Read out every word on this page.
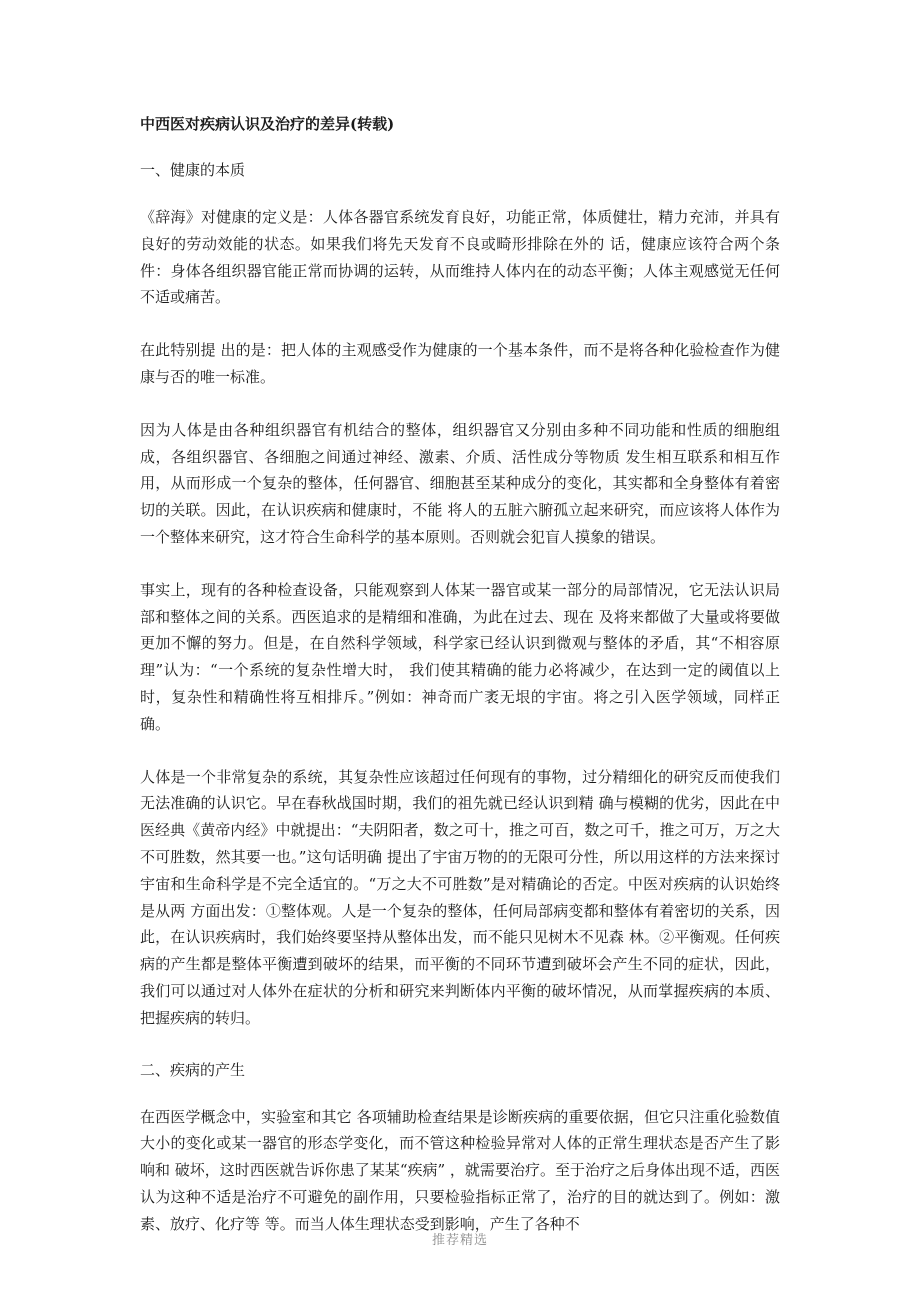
中西医对疾病认识及治疗的差异(转载)
一、健康的本质

《辞海》对健康的定义是：人体各器官系统发育良好，功能正常，体质健壮，精力充沛，并具有良好的劳动效能的状态。如果我们将先天发育不良或畸形排除在外的 话，健康应该符合两个条件：身体各组织器官能正常而协调的运转，从而维持人体内在的动态平衡；人体主观感觉无任何不适或痛苦。

在此特别提 出的是：把人体的主观感受作为健康的一个基本条件，而不是将各种化验检查作为健康与否的唯一标准。

因为人体是由各种组织器官有机结合的整体，组织器官又分别由多种不同功能和性质的细胞组成，各组织器官、各细胞之间通过神经、激素、介质、活性成分等物质 发生相互联系和相互作用，从而形成一个复杂的整体，任何器官、细胞甚至某种成分的变化，其实都和全身整体有着密切的关联。因此，在认识疾病和健康时，不能 将人的五脏六腑孤立起来研究，而应该将人体作为一个整体来研究，这才符合生命科学的基本原则。否则就会犯盲人摸象的错误。

事实上，现有的各种检查设备，只能观察到人体某一器官或某一部分的局部情况，它无法认识局部和整体之间的关系。西医追求的是精细和准确，为此在过去、现在 及将来都做了大量或将要做更加不懈的努力。但是，在自然科学领域，科学家已经认识到微观与整体的矛盾，其“不相容原理”认为：“一个系统的复杂性增大时， 我们使其精确的能力必将减少，在达到一定的阈值以上时，复杂性和精确性将互相排斥。”例如：神奇而广袤无垠的宇宙。将之引入医学领域，同样正确。

人体是一个非常复杂的系统，其复杂性应该超过任何现有的事物，过分精细化的研究反而使我们无法准确的认识它。早在春秋战国时期，我们的祖先就已经认识到精 确与模糊的优劣，因此在中医经典《黄帝内经》中就提出：“夫阴阳者，数之可十，推之可百，数之可千，推之可万，万之大不可胜数，然其要一也。”这句话明确 提出了宇宙万物的的无限可分性，所以用这样的方法来探讨宇宙和生命科学是不完全适宜的。“万之大不可胜数”是对精确论的否定。中医对疾病的认识始终是从两 方面出发：①整体观。人是一个复杂的整体，任何局部病变都和整体有着密切的关系，因此，在认识疾病时，我们始终要坚持从整体出发，而不能只见树木不见森 林。②平衡观。任何疾病的产生都是整体平衡遭到破坏的结果，而平衡的不同环节遭到破坏会产生不同的症状，因此，我们可以通过对人体外在症状的分析和研究来判断体内平衡的破坏情况，从而掌握疾病的本质、把握疾病的转归。

二、疾病的产生

在西医学概念中，实验室和其它 各项辅助检查结果是诊断疾病的重要依据，但它只注重化验数值大小的变化或某一器官的形态学变化，而不管这种检验异常对人体的正常生理状态是否产生了影响和 破坏，这时西医就告诉你患了某某“疾病” ，就需要治疗。至于治疗之后身体出现不适，西医认为这种不适是治疗不可避免的副作用，只要检验指标正常了，治疗的目的就达到了。例如：激素、放疗、化疗等 等。而当人体生理状态受到影响，产生了各种不

推荐精选
